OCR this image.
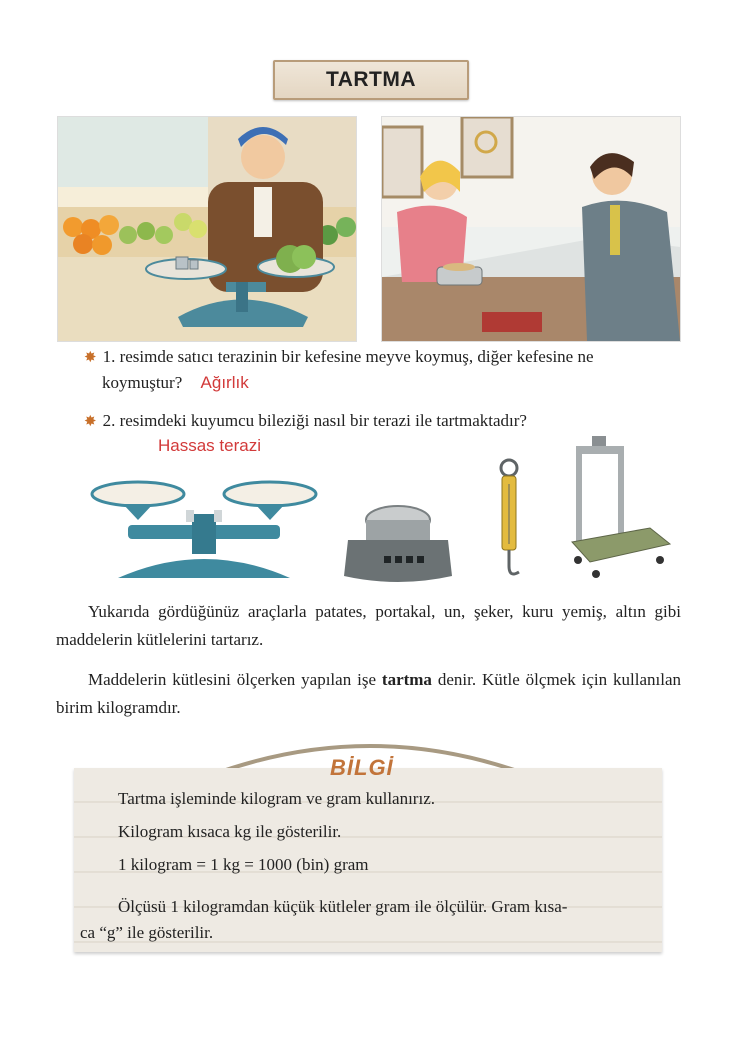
TARTMA
✸ 1. resimde satıcı terazinin bir kefesine meyve koymuş, diğer kefesine ne
koymuştur? Ağırlık
✸ 2. resimdeki kuyumcu bileziği nasıl bir terazi ile tartmaktadır?
Hassas terazi
Yukarıda gördüğünüz araçlarla patates, portakal, un, şeker, kuru yemiş, altın gibi maddelerin kütlelerini tartarız.
Maddelerin kütlesini ölçerken yapılan işe tartma denir. Kütle ölçmek için kullanılan birim kilogramdır.
BİLGİ
Tartma işleminde kilogram ve gram kullanırız.
Kilogram kısaca kg ile gösterilir.
1 kilogram = 1 kg = 1000 (bin) gram
Ölçüsü 1 kilogramdan küçük kütleler gram ile ölçülür. Gram kısa-
ca “g” ile gösterilir.
